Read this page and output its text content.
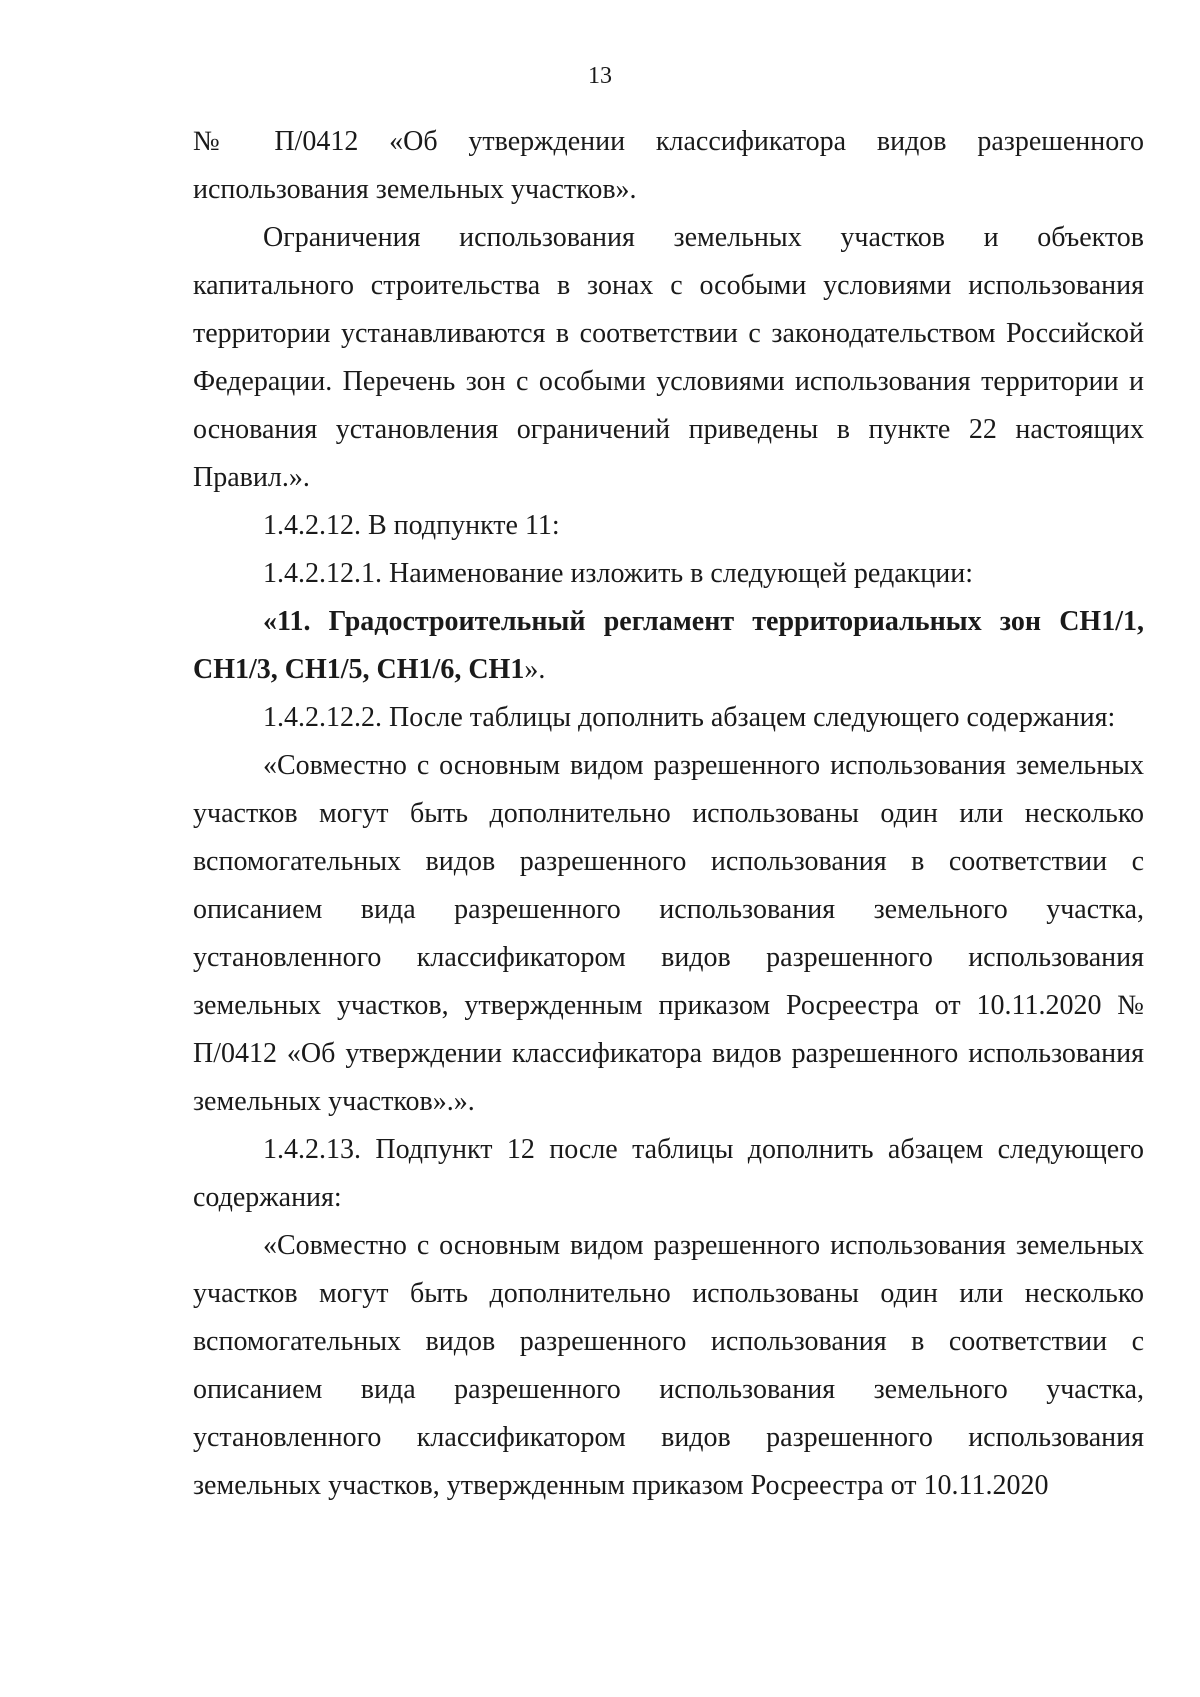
13

№ П/0412 «Об утверждении классификатора видов разрешенного использования земельных участков».

Ограничения использования земельных участков и объектов капитального строительства в зонах с особыми условиями использования территории устанавливаются в соответствии с законодательством Российской Федерации. Перечень зон с особыми условиями использования территории и основания установления ограничений приведены в пункте 22 настоящих Правил.».

1.4.2.12. В подпункте 11:

1.4.2.12.1. Наименование изложить в следующей редакции:

«11. Градостроительный регламент территориальных зон СН1/1, СН1/3, СН1/5, СН1/6, СН1».

1.4.2.12.2. После таблицы дополнить абзацем следующего содержания:

«Совместно с основным видом разрешенного использования земельных участков могут быть дополнительно использованы один или несколько вспомогательных видов разрешенного использования в соответствии с описанием вида разрешенного использования земельного участка, установленного классификатором видов разрешенного использования земельных участков, утвержденным приказом Росреестра от 10.11.2020 № П/0412 «Об утверждении классификатора видов разрешенного использования земельных участков».».

1.4.2.13. Подпункт 12 после таблицы дополнить абзацем следующего содержания:

«Совместно с основным видом разрешенного использования земельных участков могут быть дополнительно использованы один или несколько вспомогательных видов разрешенного использования в соответствии с описанием вида разрешенного использования земельного участка, установленного классификатором видов разрешенного использования земельных участков, утвержденным приказом Росреестра от 10.11.2020
